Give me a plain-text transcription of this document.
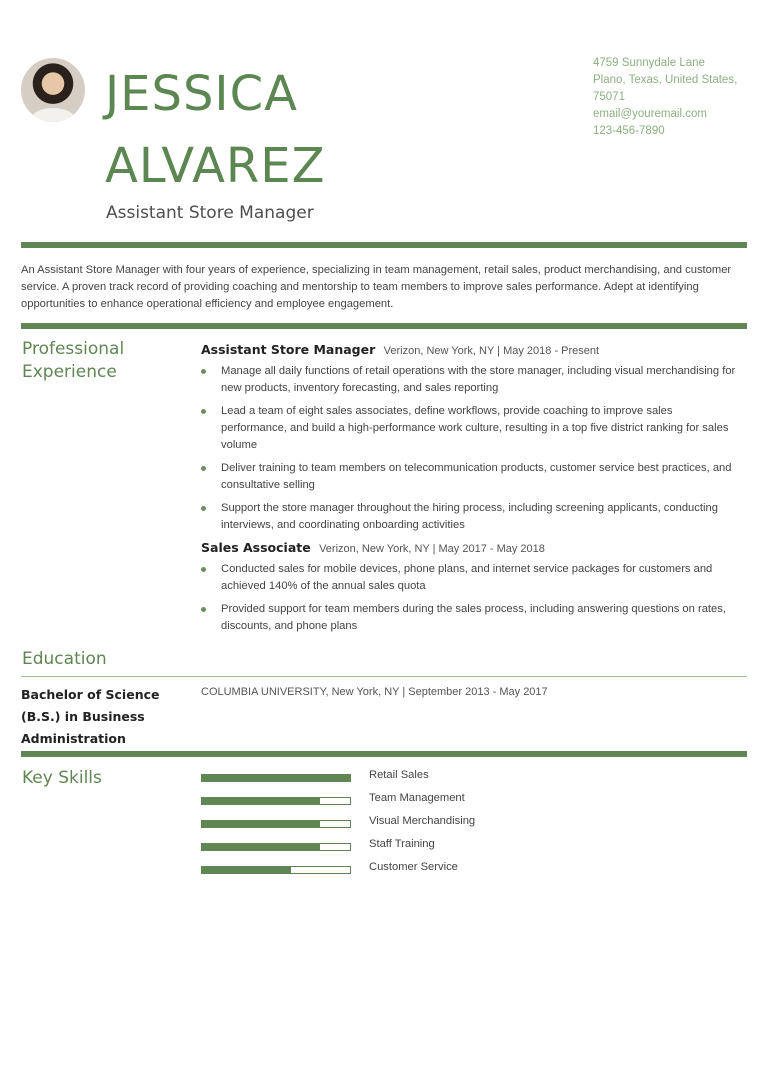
JESSICA
ALVAREZ
Assistant Store Manager
4759 Sunnydale Lane
Plano, Texas, United States,
75071
email@youremail.com
123-456-7890
An Assistant Store Manager with four years of experience, specializing in team management, retail sales, product merchandising, and customer service. A proven track record of providing coaching and mentorship to team members to improve sales performance. Adept at identifying opportunities to enhance operational efficiency and employee engagement.
Professional
Experience
Assistant Store Manager Verizon, New York, NY | May 2018 - Present
Manage all daily functions of retail operations with the store manager, including visual merchandising for new products, inventory forecasting, and sales reporting
Lead a team of eight sales associates, define workflows, provide coaching to improve sales performance, and build a high-performance work culture, resulting in a top five district ranking for sales volume
Deliver training to team members on telecommunication products, customer service best practices, and consultative selling
Support the store manager throughout the hiring process, including screening applicants, conducting interviews, and coordinating onboarding activities
Sales Associate Verizon, New York, NY | May 2017 - May 2018
Conducted sales for mobile devices, phone plans, and internet service packages for customers and achieved 140% of the annual sales quota
Provided support for team members during the sales process, including answering questions on rates, discounts, and phone plans
Education
Bachelor of Science (B.S.) in Business Administration
COLUMBIA UNIVERSITY, New York, NY | September 2013 - May 2017
Key Skills	Retail Sales
Team Management
Visual Merchandising
Staff Training
Customer Service
